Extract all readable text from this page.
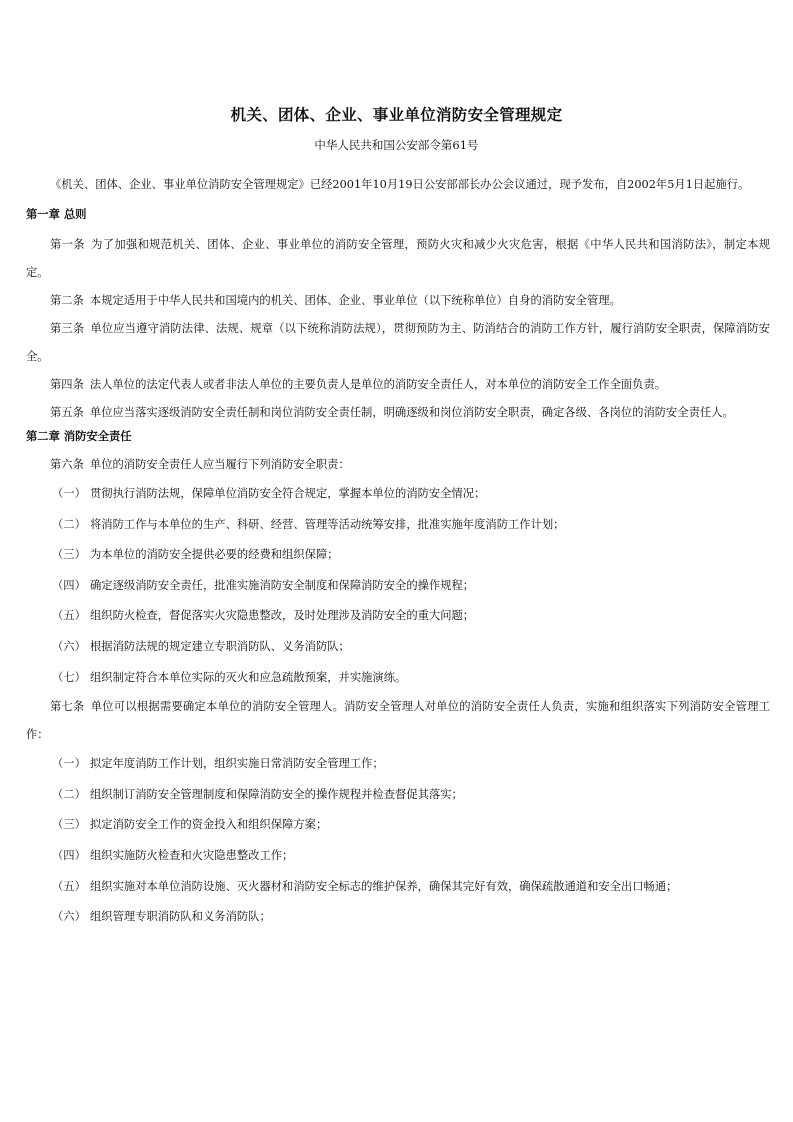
机关、团体、企业、事业单位消防安全管理规定
中华人民共和国公安部令第61号

《机关、团体、企业、事业单位消防安全管理规定》已经2001年10月19日公安部部长办公会议通过，现予发布，自2002年5月1日起施行。

第一章 总则

第一条 为了加强和规范机关、团体、企业、事业单位的消防安全管理，预防火灾和减少火灾危害，根据《中华人民共和国消防法》，制定本规定。

第二条 本规定适用于中华人民共和国境内的机关、团体、企业、事业单位（以下统称单位）自身的消防安全管理。

第三条 单位应当遵守消防法律、法规、规章（以下统称消防法规），贯彻预防为主、防消结合的消防工作方针，履行消防安全职责，保障消防安全。

第四条 法人单位的法定代表人或者非法人单位的主要负责人是单位的消防安全责任人，对本单位的消防安全工作全面负责。

第五条 单位应当落实逐级消防安全责任制和岗位消防安全责任制，明确逐级和岗位消防安全职责，确定各级、各岗位的消防安全责任人。

第二章 消防安全责任

第六条 单位的消防安全责任人应当履行下列消防安全职责：

（一） 贯彻执行消防法规，保障单位消防安全符合规定，掌握本单位的消防安全情况；

（二） 将消防工作与本单位的生产、科研、经营、管理等活动统筹安排，批准实施年度消防工作计划；

（三） 为本单位的消防安全提供必要的经费和组织保障；

（四） 确定逐级消防安全责任，批准实施消防安全制度和保障消防安全的操作规程；

（五） 组织防火检查，督促落实火灾隐患整改，及时处理涉及消防安全的重大问题；

（六） 根据消防法规的规定建立专职消防队、义务消防队；

（七） 组织制定符合本单位实际的灭火和应急疏散预案，并实施演练。

第七条 单位可以根据需要确定本单位的消防安全管理人。消防安全管理人对单位的消防安全责任人负责，实施和组织落实下列消防安全管理工作：

（一） 拟定年度消防工作计划，组织实施日常消防安全管理工作；

（二） 组织制订消防安全管理制度和保障消防安全的操作规程并检查督促其落实；

（三） 拟定消防安全工作的资金投入和组织保障方案；

（四） 组织实施防火检查和火灾隐患整改工作；

（五） 组织实施对本单位消防设施、灭火器材和消防安全标志的维护保养，确保其完好有效，确保疏散通道和安全出口畅通；

（六） 组织管理专职消防队和义务消防队；
